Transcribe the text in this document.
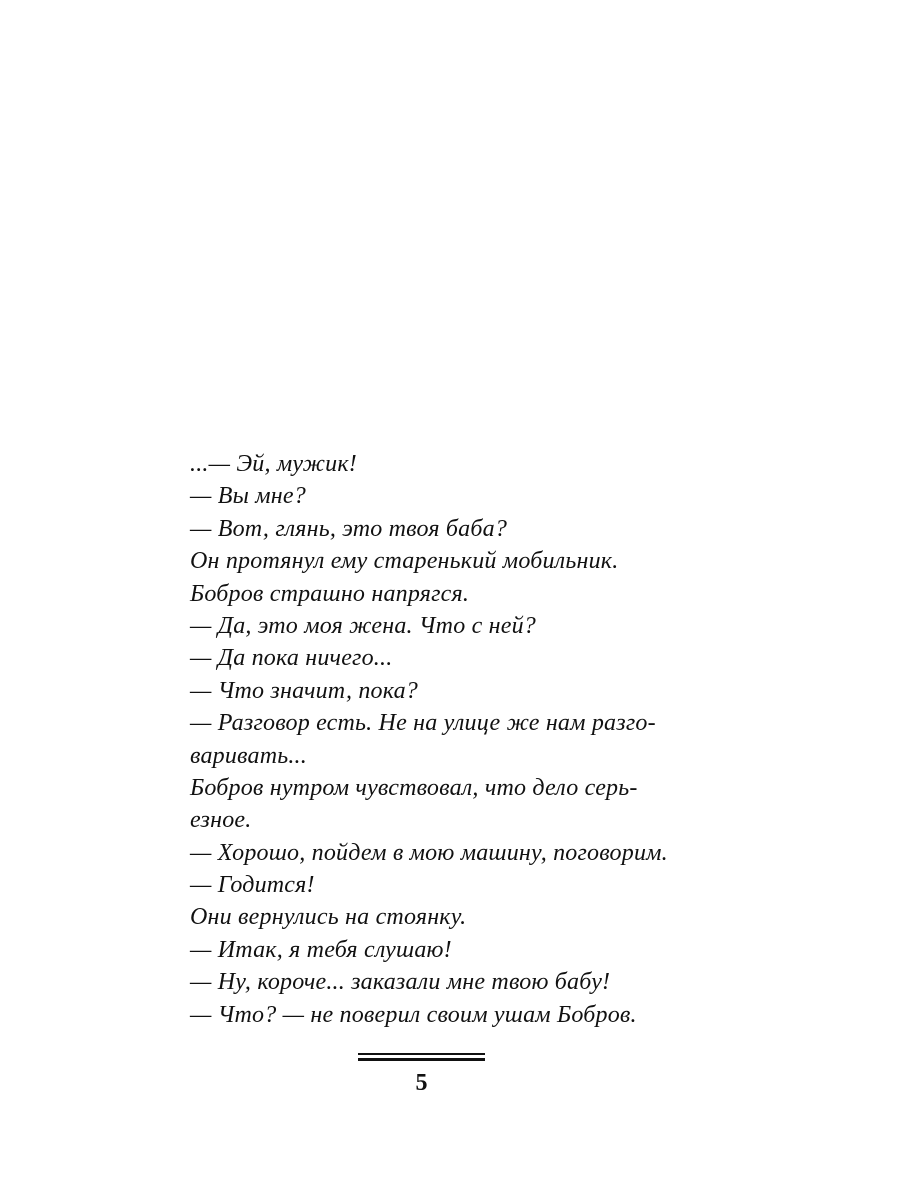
...— Эй, мужик!
— Вы мне?
— Вот, глянь, это твоя баба?
Он протянул ему старенький мобильник.
Бобров страшно напрягся.
— Да, это моя жена. Что с ней?
— Да пока ничего...
— Что значит, пока?
— Разговор есть. Не на улице же нам разго-
варивать...
Бобров нутром чувствовал, что дело серь-
езное.
— Хорошо, пойдем в мою машину, поговорим.
— Годится!
Они вернулись на стоянку.
— Итак, я тебя слушаю!
— Ну, короче... заказали мне твою бабу!
— Что? — не поверил своим ушам Бобров.
5
